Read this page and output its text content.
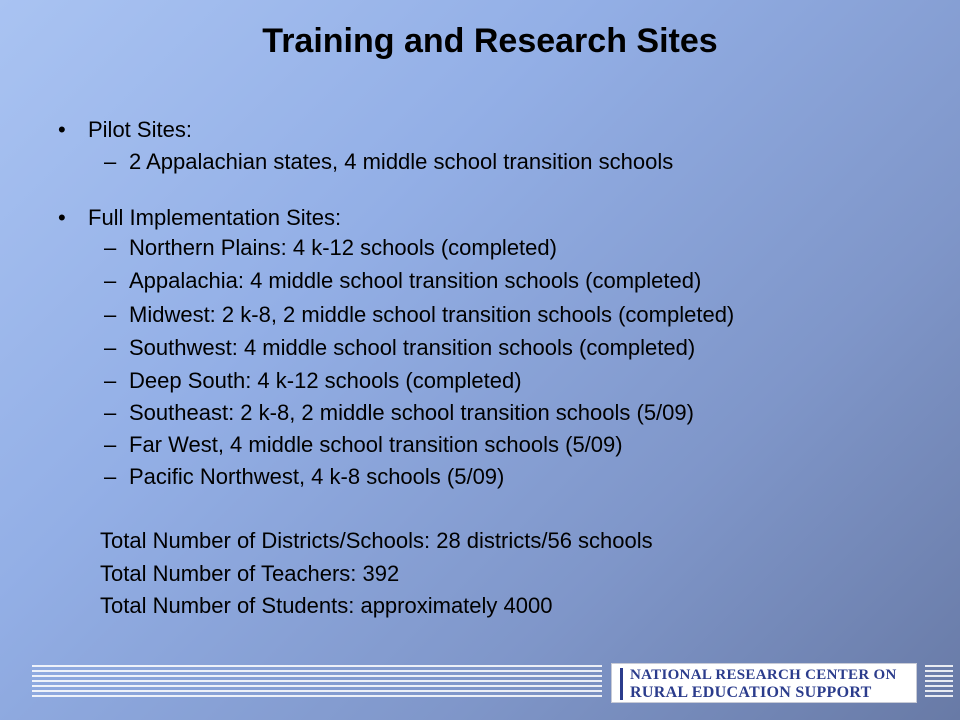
Training and Research Sites
• Pilot Sites:
– 2 Appalachian states, 4 middle school transition schools
• Full Implementation Sites:
– Northern Plains: 4 k-12 schools (completed)
– Appalachia: 4 middle school transition schools (completed)
– Midwest: 2 k-8, 2 middle school transition schools (completed)
– Southwest: 4 middle school transition schools (completed)
– Deep South: 4 k-12 schools (completed)
– Southeast: 2 k-8, 2 middle school transition schools (5/09)
– Far West, 4 middle school transition schools (5/09)
– Pacific Northwest, 4 k-8 schools (5/09)
Total Number of Districts/Schools: 28 districts/56 schools
Total Number of Teachers: 392
Total Number of Students: approximately 4000
NATIONAL RESEARCH CENTER ON
RURAL EDUCATION SUPPORT
